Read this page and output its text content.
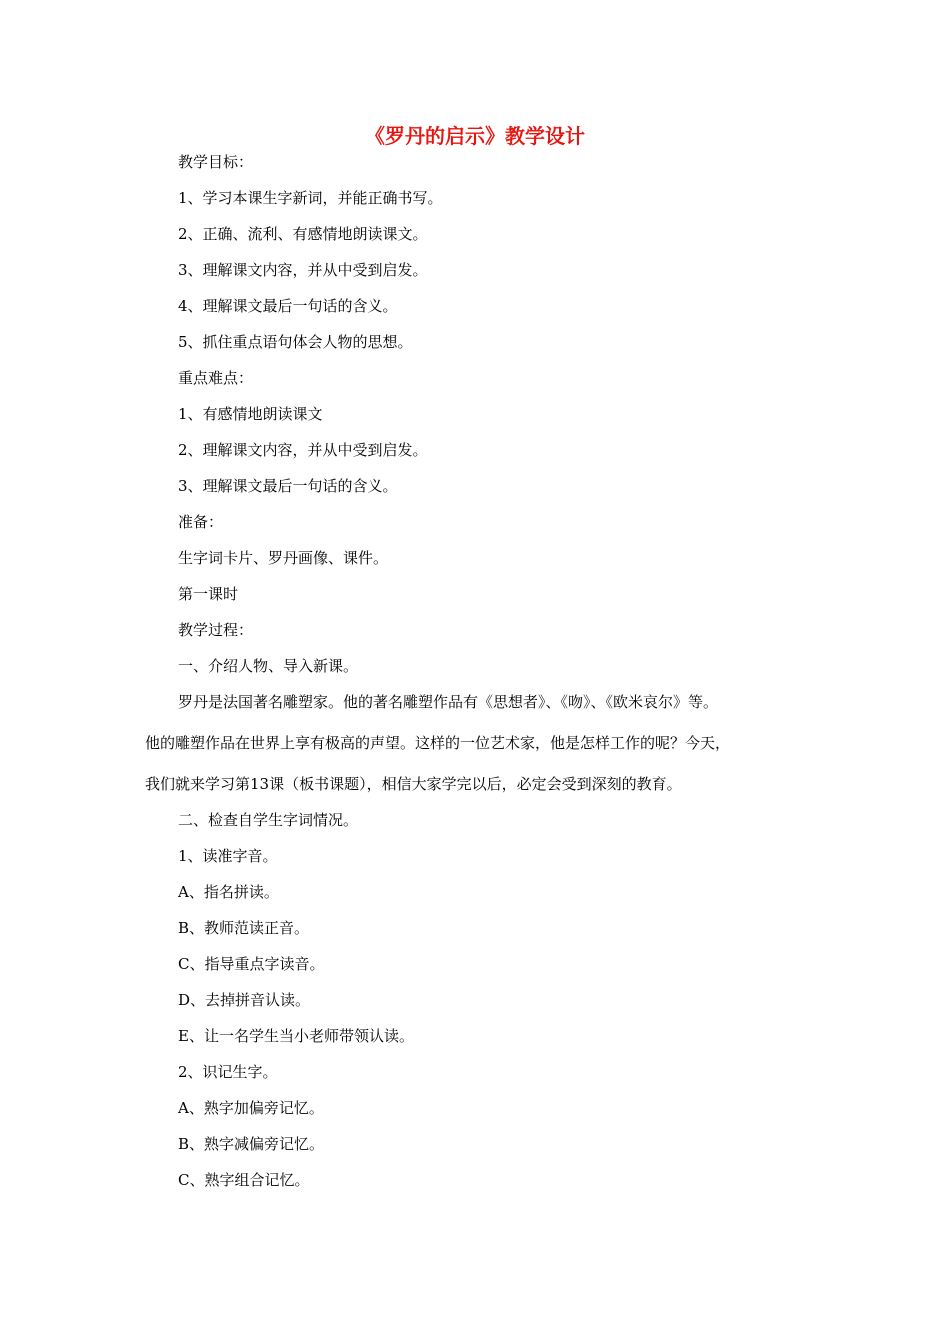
《罗丹的启示》教学设计
教学目标：
1、学习本课生字新词，并能正确书写。
2、正确、流利、有感情地朗读课文。
3、理解课文内容，并从中受到启发。
4、理解课文最后一句话的含义。
5、抓住重点语句体会人物的思想。
重点难点：
1、有感情地朗读课文
2、理解课文内容，并从中受到启发。
3、理解课文最后一句话的含义。
准备：
生字词卡片、罗丹画像、课件。
第一课时
教学过程：
一、介绍人物、导入新课。
罗丹是法国著名雕塑家。他的著名雕塑作品有《思想者》、《吻》、《欧米哀尔》等。
他的雕塑作品在世界上享有极高的声望。这样的一位艺术家，他是怎样工作的呢？今天，
我们就来学习第13课（板书课题），相信大家学完以后，必定会受到深刻的教育。
二、检查自学生字词情况。
1、读准字音。
A、指名拼读。
B、教师范读正音。
C、指导重点字读音。
D、去掉拼音认读。
E、让一名学生当小老师带领认读。
2、识记生字。
A、熟字加偏旁记忆。
B、熟字减偏旁记忆。
C、熟字组合记忆。
